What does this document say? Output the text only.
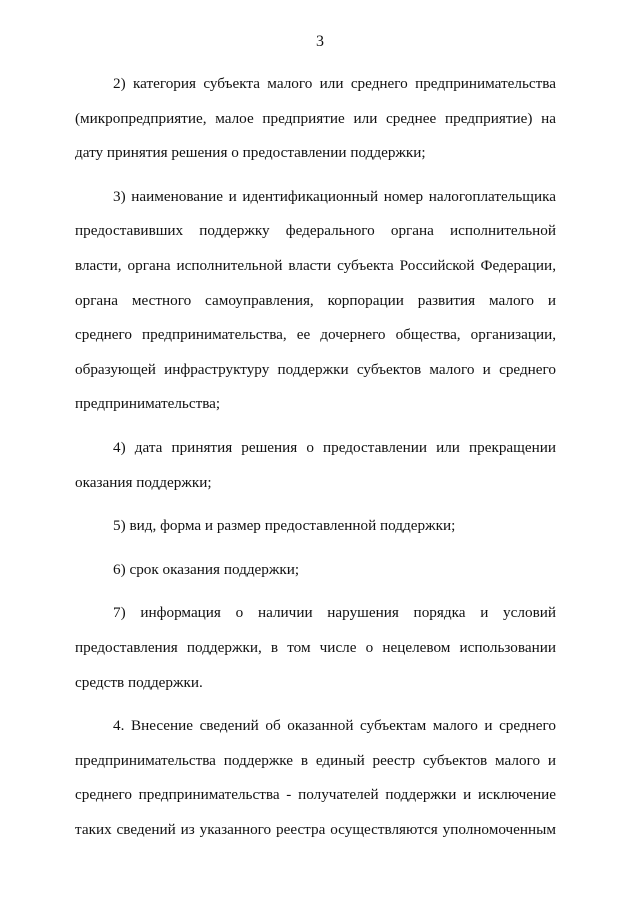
3

2) категория субъекта малого или среднего предпринимательства (микропредприятие, малое предприятие или среднее предприятие) на дату принятия решения о предоставлении поддержки;

3) наименование и идентификационный номер налогоплательщика предоставивших поддержку федерального органа исполнительной власти, органа исполнительной власти субъекта Российской Федерации, органа местного самоуправления, корпорации развития малого и среднего предпринимательства, ее дочернего общества, организации, образующей инфраструктуру поддержки субъектов малого и среднего предпринимательства;

4) дата принятия решения о предоставлении или прекращении оказания поддержки;

5) вид, форма и размер предоставленной поддержки;

6) срок оказания поддержки;

7) информация о наличии нарушения порядка и условий предоставления поддержки, в том числе о нецелевом использовании средств поддержки.

4. Внесение сведений об оказанной субъектам малого и среднего предпринимательства поддержке в единый реестр субъектов малого и среднего предпринимательства - получателей поддержки и исключение таких сведений из указанного реестра осуществляются уполномоченным
